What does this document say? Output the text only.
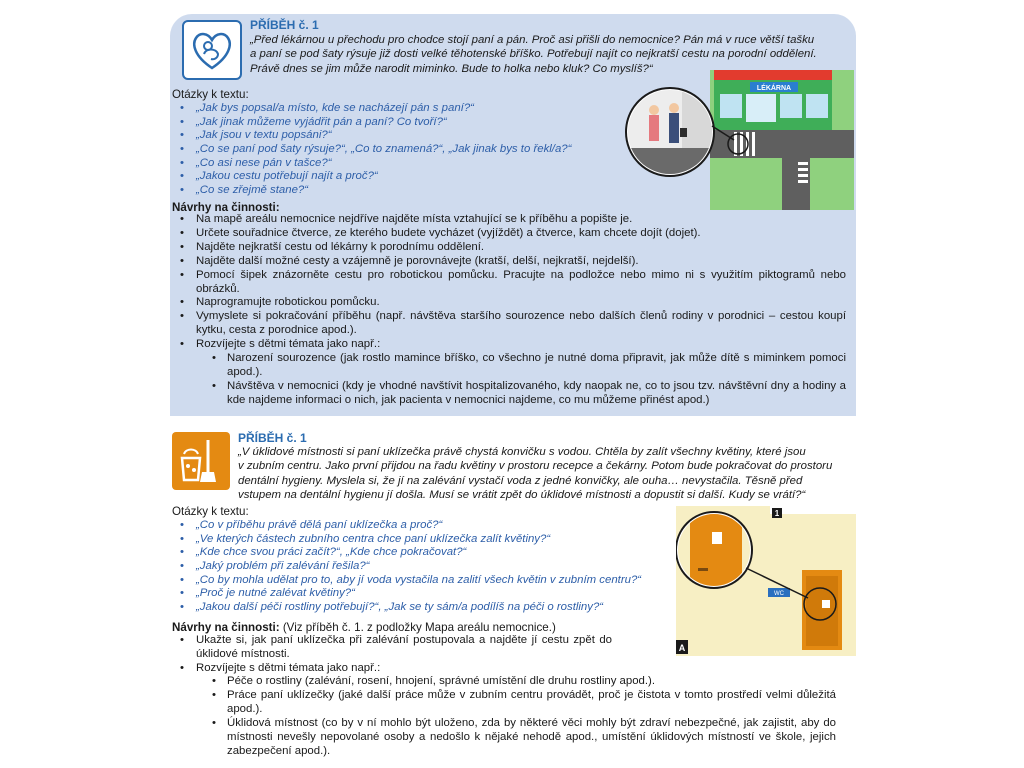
PŘÍBĚH č. 1
„Před lékárnou u přechodu pro chodce stojí paní a pán. Proč asi přišli do nemocnice? Pán má v ruce větší tašku
a paní se pod šaty rýsuje již dosti velké těhotenské bříško. Potřebují najít co nejkratší cestu na porodní oddělení.
Právě dnes se jim může narodit miminko. Bude to holka nebo kluk? Co myslíš?“
Otázky k textu:
• „Jak bys popsal/a místo, kde se nacházejí pán s paní?“
• „Jak jinak můžeme vyjádřit pán a paní? Co tvoří?“
• „Jak jsou v textu popsáni?“
• „Co se paní pod šaty rýsuje?“, „Co to znamená?“, „Jak jinak bys to řekl/a?“
• „Co asi nese pán v tašce?“
• „Jakou cestu potřebují najít a proč?“
• „Co se zřejmě stane?“
LÉKÁRNA
Návrhy na činnosti:
• Na mapě areálu nemocnice nejdříve najděte místa vztahující se k příběhu a popište je.
• Určete souřadnice čtverce, ze kterého budete vycházet (vyjíždět) a čtverce, kam chcete dojít (dojet).
• Najděte nejkratší cestu od lékárny k porodnímu oddělení.
• Najděte další možné cesty a vzájemně je porovnávejte (kratší, delší, nejkratší, nejdelší).
• Pomocí šipek znázorněte cestu pro robotickou pomůcku. Pracujte na podložce nebo mimo ni s využitím piktogramů nebo obrázků.
• Naprogramujte robotickou pomůcku.
• Vymyslete si pokračování příběhu (např. návštěva staršího sourozence nebo dalších členů rodiny v porodnici – cestou koupí kytku, cesta z porodnice apod.).
• Rozvíjejte s dětmi témata jako např.:
• Narození sourozence (jak rostlo mamince bříško, co všechno je nutné doma připravit, jak může dítě s miminkem pomoci apod.).
• Návštěva v nemocnici (kdy je vhodné navštívit hospitalizovaného, kdy naopak ne, co to jsou tzv. návštěvní dny a hodiny a kde najdeme informaci o nich, jak pacienta v nemocnici najdeme, co mu můžeme přinést apod.)
PŘÍBĚH č. 1
„V úklidové místnosti si paní uklízečka právě chystá konvičku s vodou. Chtěla by zalít všechny květiny, které jsou
v zubním centru. Jako první přijdou na řadu květiny v prostoru recepce a čekárny. Potom bude pokračovat do prostoru
dentální hygieny. Myslela si, že jí na zalévání vystačí voda z jedné konvičky, ale ouha… nevystačila. Těsně před
vstupem na dentální hygienu jí došla. Musí se vrátit zpět do úklidové místnosti a dopustit si další. Kudy se vrátí?“
Otázky k textu:
• „Co v příběhu právě dělá paní uklízečka a proč?“
• „Ve kterých částech zubního centra chce paní uklízečka zalít květiny?“
• „Kde chce svou práci začít?“, „Kde chce pokračovat?“
• „Jaký problém při zalévání řešila?“
• „Co by mohla udělat pro to, aby jí voda vystačila na zalití všech květin v zubním centru?“
• „Proč je nutné zalévat květiny?“
• „Jakou další péči rostliny potřebují?“, „Jak se ty sám/a podílíš na péči o rostliny?“
1
A
WC
Návrhy na činnosti: (Viz příběh č. 1. z podložky Mapa areálu nemocnice.)
• Ukažte si, jak paní uklízečka při zalévání postupovala a najděte jí cestu zpět do úklidové místnosti.
• Rozvíjejte s dětmi témata jako např.:
• Péče o rostliny (zalévání, rosení, hnojení, správné umístění dle druhu rostliny apod.).
• Práce paní uklízečky (jaké další práce může v zubním centru provádět, proč je čistota v tomto prostředí velmi důležitá apod.).
• Úklidová místnost (co by v ní mohlo být uloženo, zda by některé věci mohly být zdraví nebezpečné, jak zajistit, aby do místnosti nevešly nepovolané osoby a nedošlo k nějaké nehodě apod., umístění úklidových místností ve škole, jejich zabezpečení apod.).
